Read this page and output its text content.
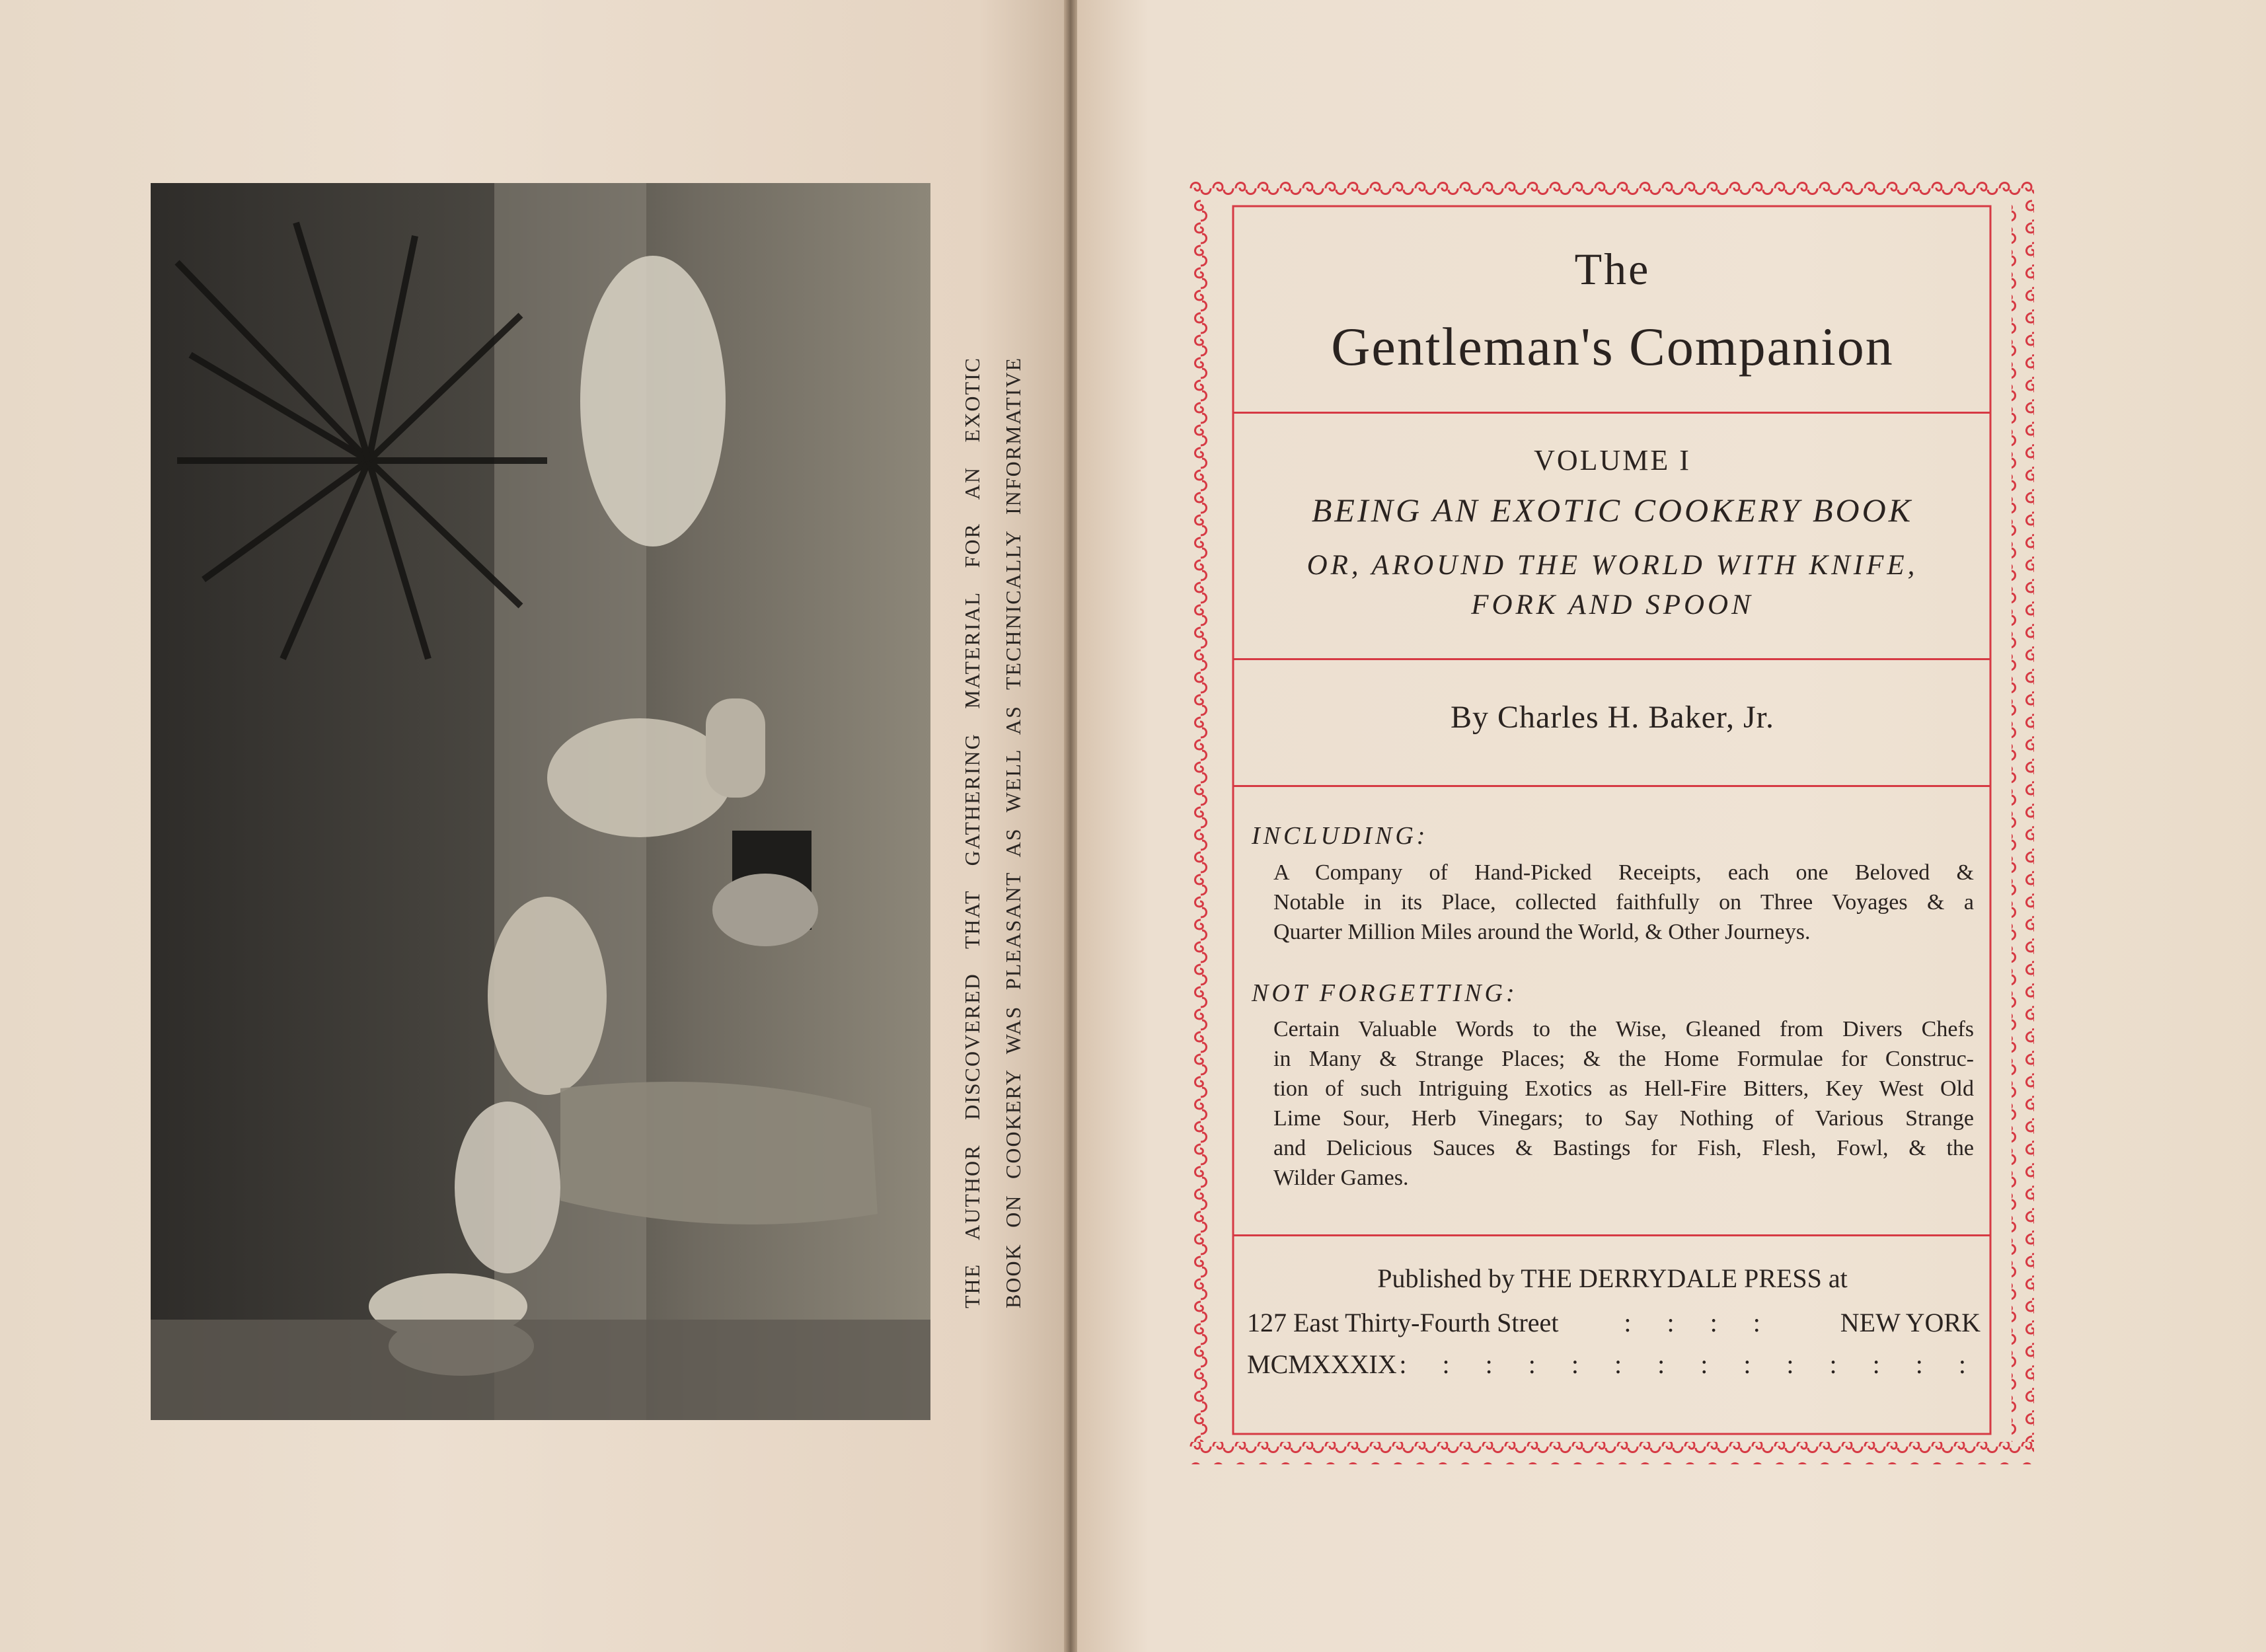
THE AUTHOR DISCOVERED THAT GATHERING MATERIAL FOR AN EXOTIC BOOK ON COOKERY WAS PLEASANT AS WELL AS TECHNICALLY INFORMATIVE
The
Gentleman's Companion
VOLUME I
BEING AN EXOTIC COOKERY BOOK
OR, AROUND THE WORLD WITH KNIFE,
FORK AND SPOON
By Charles H. Baker, Jr.
INCLUDING:
A Company of Hand-Picked Receipts, each one Beloved &
Notable in its Place, collected faithfully on Three Voyages & a
Quarter Million Miles around the World, & Other Journeys.
NOT FORGETTING:
Certain Valuable Words to the Wise, Gleaned from Divers Chefs
in Many & Strange Places; & the Home Formulae for Construc-
tion of such Intriguing Exotics as Hell-Fire Bitters, Key West Old
Lime Sour, Herb Vinegars; to Say Nothing of Various Strange
and Delicious Sauces & Bastings for Fish, Flesh, Fowl, & the
Wilder Games.
Published by THE DERRYDALE PRESS at
127 East Thirty-Fourth Street : : : : NEW YORK
MCMXXXIX : : : : : : : : : : : : : :
